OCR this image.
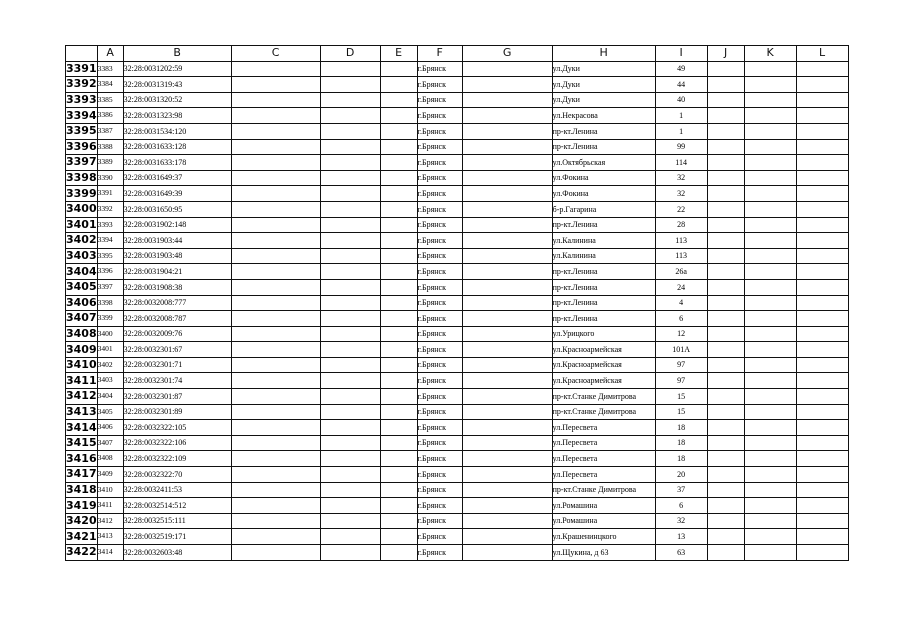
	A	B	C	D	E	F	G	H	I	J	K	L
3391	3383	32:28:0031202:59				г.Брянск		ул.Дуки	49			
3392	3384	32:28:0031319:43				г.Брянск		ул.Дуки	44			
3393	3385	32:28:0031320:52				г.Брянск		ул.Дуки	40			
3394	3386	32:28:0031323:98				г.Брянск		ул.Некрасова	1			
3395	3387	32:28:0031534:120				г.Брянск		пр-кт.Ленина	1			
3396	3388	32:28:0031633:128				г.Брянск		пр-кт.Ленина	99			
3397	3389	32:28:0031633:178				г.Брянск		ул.Октябрьская	114			
3398	3390	32:28:0031649:37				г.Брянск		ул.Фокина	32			
3399	3391	32:28:0031649:39				г.Брянск		ул.Фокина	32			
3400	3392	32:28:0031650:95				г.Брянск		б-р.Гагарина	22			
3401	3393	32:28:0031902:148				г.Брянск		пр-кт.Ленина	28			
3402	3394	32:28:0031903:44				г.Брянск		ул.Калинина	113			
3403	3395	32:28:0031903:48				г.Брянск		ул.Калинина	113			
3404	3396	32:28:0031904:21				г.Брянск		пр-кт.Ленина	26а			
3405	3397	32:28:0031908:38				г.Брянск		пр-кт.Ленина	24			
3406	3398	32:28:0032008:777				г.Брянск		пр-кт.Ленина	4			
3407	3399	32:28:0032008:787				г.Брянск		пр-кт.Ленина	6			
3408	3400	32:28:0032009:76				г.Брянск		ул.Урицкого	12			
3409	3401	32:28:0032301:67				г.Брянск		ул.Красноармейская	101А			
3410	3402	32:28:0032301:71				г.Брянск		ул.Красноармейская	97			
3411	3403	32:28:0032301:74				г.Брянск		ул.Красноармейская	97			
3412	3404	32:28:0032301:87				г.Брянск		пр-кт.Станке Димитрова	15			
3413	3405	32:28:0032301:89				г.Брянск		пр-кт.Станке Димитрова	15			
3414	3406	32:28:0032322:105				г.Брянск		ул.Пересвета	18			
3415	3407	32:28:0032322:106				г.Брянск		ул.Пересвета	18			
3416	3408	32:28:0032322:109				г.Брянск		ул.Пересвета	18			
3417	3409	32:28:0032322:70				г.Брянск		ул.Пересвета	20			
3418	3410	32:28:0032411:53				г.Брянск		пр-кт.Станке Димитрова	37			
3419	3411	32:28:0032514:512				г.Брянск		ул.Ромашина	6			
3420	3412	32:28:0032515:111				г.Брянск		ул.Ромашина	32			
3421	3413	32:28:0032519:171				г.Брянск		ул.Крашенинцкого	13			
3422	3414	32:28:0032603:48				г.Брянск		ул.Щукина, д 63	63			
